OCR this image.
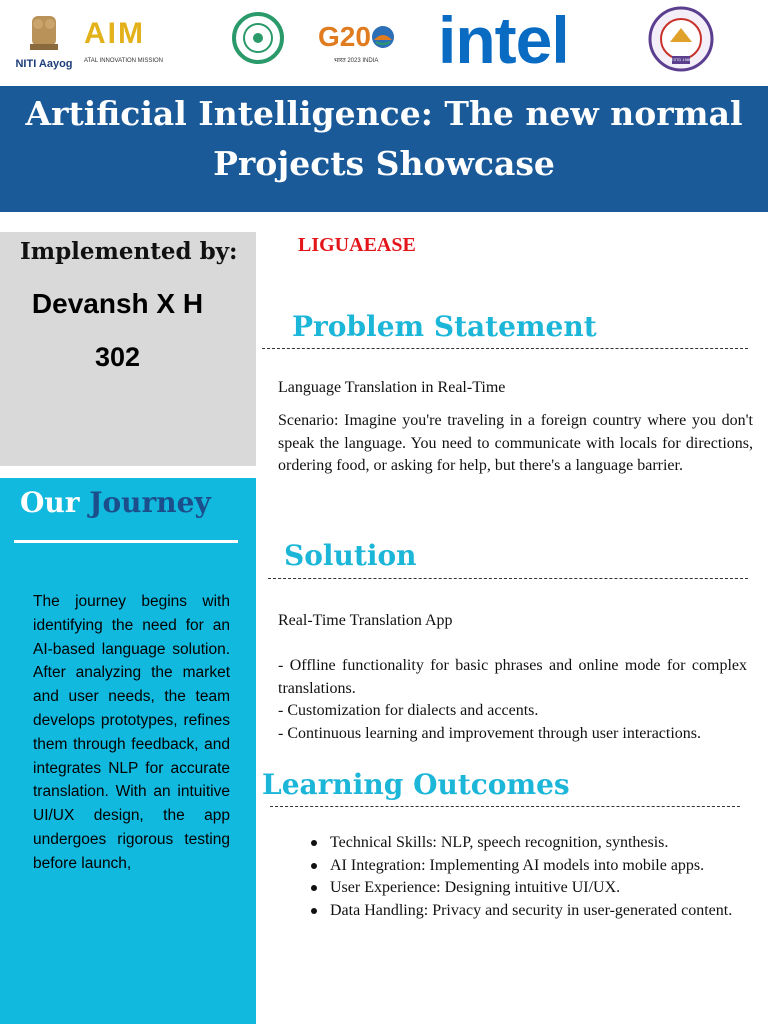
NITI Aayog
AIM
ATAL INNOVATION MISSION
G20
भारत 2023 INDIA intel	ESTD 1986
Artificial Intelligence: The new normal
Projects Showcase
Implemented by:
Devansh X H
302
Our Journey
The journey begins with identifying the need for an AI-based language solution. After analyzing the market and user needs, the team develops prototypes, refines them through feedback, and integrates NLP for accurate translation. With an intuitive UI/UX design, the app undergoes rigorous testing before launch,
LIGUAEASE
Problem Statement
Language Translation in Real-Time
Scenario: Imagine you're traveling in a foreign country where you don't speak the language. You need to communicate with locals for directions, ordering food, or asking for help, but there's a language barrier.
Solution
Real-Time Translation App
- Offline functionality for basic phrases and online mode for complex translations.
- Customization for dialects and accents.
- Continuous learning and improvement through user interactions.
Learning Outcomes
Technical Skills: NLP, speech recognition, synthesis.
AI Integration: Implementing AI models into mobile apps.
User Experience: Designing intuitive UI/UX.
Data Handling: Privacy and security in user-generated content.
